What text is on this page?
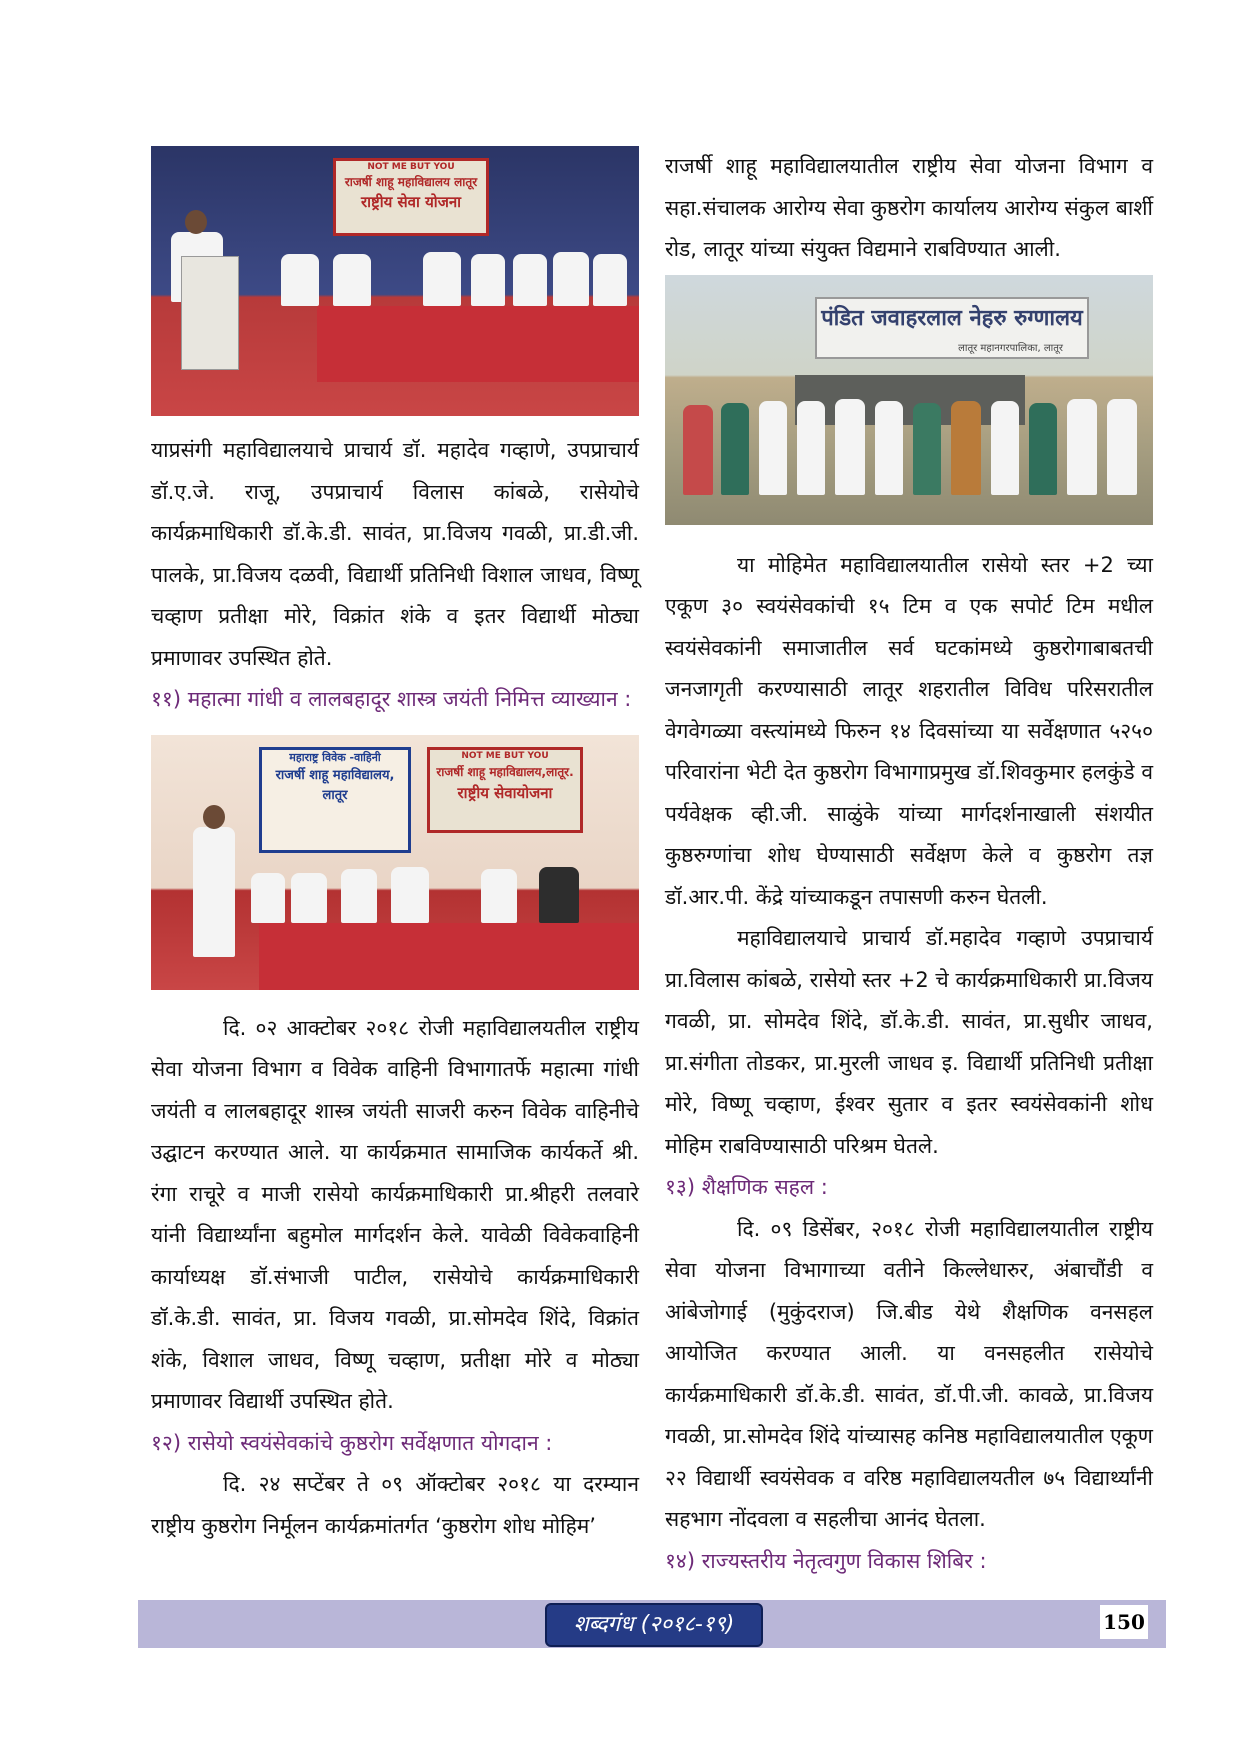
NOT ME BUT YOU
राजर्षी शाहू महाविद्यालय लातूर
राष्ट्रीय सेवा योजना

याप्रसंगी महाविद्यालयाचे प्राचार्य डॉ. महादेव गव्हाणे, उपप्राचार्य डॉ.ए.जे. राजू, उपप्राचार्य विलास कांबळे, रासेयोचे कार्यक्रमाधिकारी डॉ.के.डी. सावंत, प्रा.विजय गवळी, प्रा.डी.जी. पालके, प्रा.विजय दळवी, विद्यार्थी प्रतिनिधी विशाल जाधव, विष्णू चव्हाण प्रतीक्षा मोरे, विक्रांत शंके व इतर विद्यार्थी मोठ्या प्रमाणावर उपस्थित होते.

११) महात्मा गांधी व लालबहादूर शास्त्र जयंती निमित्त व्याख्यान :

महाराष्ट्र विवेक -वाहिनी
राजर्षी शाहू महाविद्यालय, लातूर
NOT ME BUT YOU
राजर्षी शाहू महाविद्यालय,लातूर.
राष्ट्रीय सेवायोजना

दि. ०२ आक्टोबर २०१८ रोजी महाविद्यालयतील राष्ट्रीय सेवा योजना विभाग व विवेक वाहिनी विभागातर्फे महात्मा गांधी जयंती व लालबहादूर शास्त्र जयंती साजरी करुन विवेक वाहिनीचे उद्घाटन करण्यात आले. या कार्यक्रमात सामाजिक कार्यकर्ते श्री. रंगा राचूरे व माजी रासेयो कार्यक्रमाधिकारी प्रा.श्रीहरी तलवारे यांनी विद्यार्थ्यांना बहुमोल मार्गदर्शन केले. यावेळी विवेकवाहिनी कार्याध्यक्ष डॉ.संभाजी पाटील, रासेयोचे कार्यक्रमाधिकारी डॉ.के.डी. सावंत, प्रा. विजय गवळी, प्रा.सोमदेव शिंदे, विक्रांत शंके, विशाल जाधव, विष्णू चव्हाण, प्रतीक्षा मोरे व मोठ्या प्रमाणावर विद्यार्थी उपस्थित होते.

१२) रासेयो स्वयंसेवकांचे कुष्ठरोग सर्वेक्षणात योगदान :

दि. २४ सप्टेंबर ते ०९ ऑक्टोबर २०१८ या दरम्यान राष्ट्रीय कुष्ठरोग निर्मूलन कार्यक्रमांतर्गत ‘कुष्ठरोग शोध मोहिम’

राजर्षी शाहू महाविद्यालयातील राष्ट्रीय सेवा योजना विभाग व सहा.संचालक आरोग्य सेवा कुष्ठरोग कार्यालय आरोग्य संकुल बार्शी रोड, लातूर यांच्या संयुक्त विद्यमाने राबविण्यात आली.

पंडित जवाहरलाल नेहरु रुग्णालय
लातूर महानगरपालिका, लातूर

या मोहिमेत महाविद्यालयातील रासेयो स्तर +2 च्या एकूण ३० स्वयंसेवकांची १५ टिम व एक सपोर्ट टिम मधील स्वयंसेवकांनी समाजातील सर्व घटकांमध्ये कुष्ठरोगाबाबतची जनजागृती करण्यासाठी लातूर शहरातील विविध परिसरातील वेगवेगळ्या वस्त्यांमध्ये फिरुन १४ दिवसांच्या या सर्वेक्षणात ५२५० परिवारांना भेटी देत कुष्ठरोग विभागाप्रमुख डॉ.शिवकुमार हलकुंडे व पर्यवेक्षक व्ही.जी. साळुंके यांच्या मार्गदर्शनाखाली संशयीत कुष्ठरुग्णांचा शोध घेण्यासाठी सर्वेक्षण केले व कुष्ठरोग तज्ञ डॉ.आर.पी. केंद्रे यांच्याकडून तपासणी करुन घेतली.

महाविद्यालयाचे प्राचार्य डॉ.महादेव गव्हाणे उपप्राचार्य प्रा.विलास कांबळे, रासेयो स्तर +2 चे कार्यक्रमाधिकारी प्रा.विजय गवळी, प्रा. सोमदेव शिंदे, डॉ.के.डी. सावंत, प्रा.सुधीर जाधव, प्रा.संगीता तोडकर, प्रा.मुरली जाधव इ. विद्यार्थी प्रतिनिधी प्रतीक्षा मोरे, विष्णू चव्हाण, ईश्वर सुतार व इतर स्वयंसेवकांनी शोध मोहिम राबविण्यासाठी परिश्रम घेतले.

१३) शैक्षणिक सहल :

दि. ०९ डिसेंबर, २०१८ रोजी महाविद्यालयातील राष्ट्रीय सेवा योजना विभागाच्या वतीने किल्लेधारुर, अंबाचौंडी व आंबेजोगाई (मुकुंदराज) जि.बीड येथे शैक्षणिक वनसहल आयोजित करण्यात आली. या वनसहलीत रासेयोचे कार्यक्रमाधिकारी डॉ.के.डी. सावंत, डॉ.पी.जी. कावळे, प्रा.विजय गवळी, प्रा.सोमदेव शिंदे यांच्यासह कनिष्ठ महाविद्यालयातील एकूण २२ विद्यार्थी स्वयंसेवक व वरिष्ठ महाविद्यालयतील ७५ विद्यार्थ्यांनी सहभाग नोंदवला व सहलीचा आनंद घेतला.

१४) राज्यस्तरीय नेतृत्वगुण विकास शिबिर :

शब्दगंध (२०१८-१९)	150
